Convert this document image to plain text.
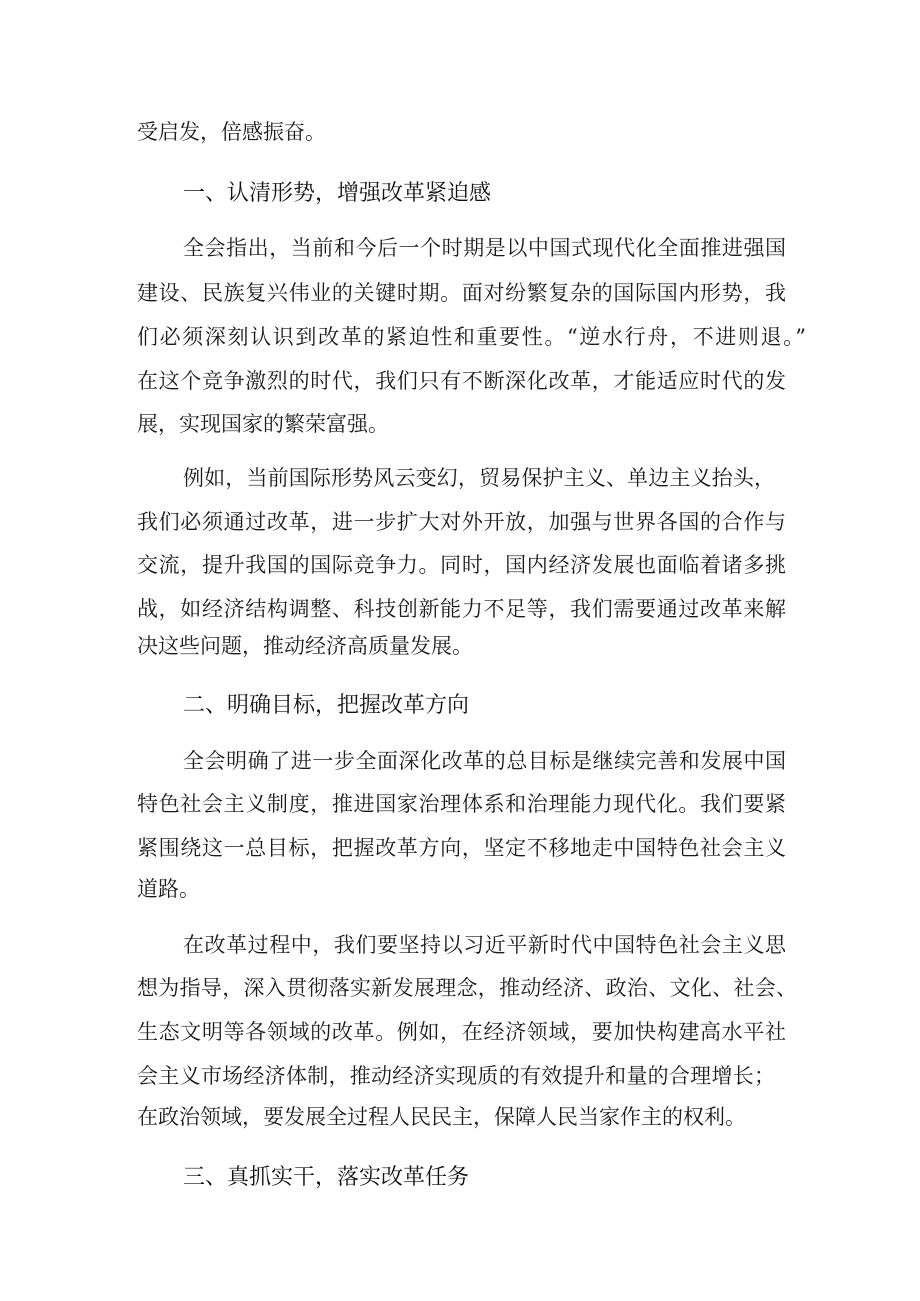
受启发，倍感振奋。

一、认清形势，增强改革紧迫感

全会指出，当前和今后一个时期是以中国式现代化全面推进强国

建设、民族复兴伟业的关键时期。面对纷繁复杂的国际国内形势，我

们必须深刻认识到改革的紧迫性和重要性。“逆水行舟，不进则退。”

在这个竞争激烈的时代，我们只有不断深化改革，才能适应时代的发

展，实现国家的繁荣富强。

例如，当前国际形势风云变幻，贸易保护主义、单边主义抬头，

我们必须通过改革，进一步扩大对外开放，加强与世界各国的合作与

交流，提升我国的国际竞争力。同时，国内经济发展也面临着诸多挑

战，如经济结构调整、科技创新能力不足等，我们需要通过改革来解

决这些问题，推动经济高质量发展。

二、明确目标，把握改革方向

全会明确了进一步全面深化改革的总目标是继续完善和发展中国

特色社会主义制度，推进国家治理体系和治理能力现代化。我们要紧

紧围绕这一总目标，把握改革方向，坚定不移地走中国特色社会主义

道路。

在改革过程中，我们要坚持以习近平新时代中国特色社会主义思

想为指导，深入贯彻落实新发展理念，推动经济、政治、文化、社会、

生态文明等各领域的改革。例如，在经济领域，要加快构建高水平社

会主义市场经济体制，推动经济实现质的有效提升和量的合理增长；

在政治领域，要发展全过程人民民主，保障人民当家作主的权利。

三、真抓实干，落实改革任务
